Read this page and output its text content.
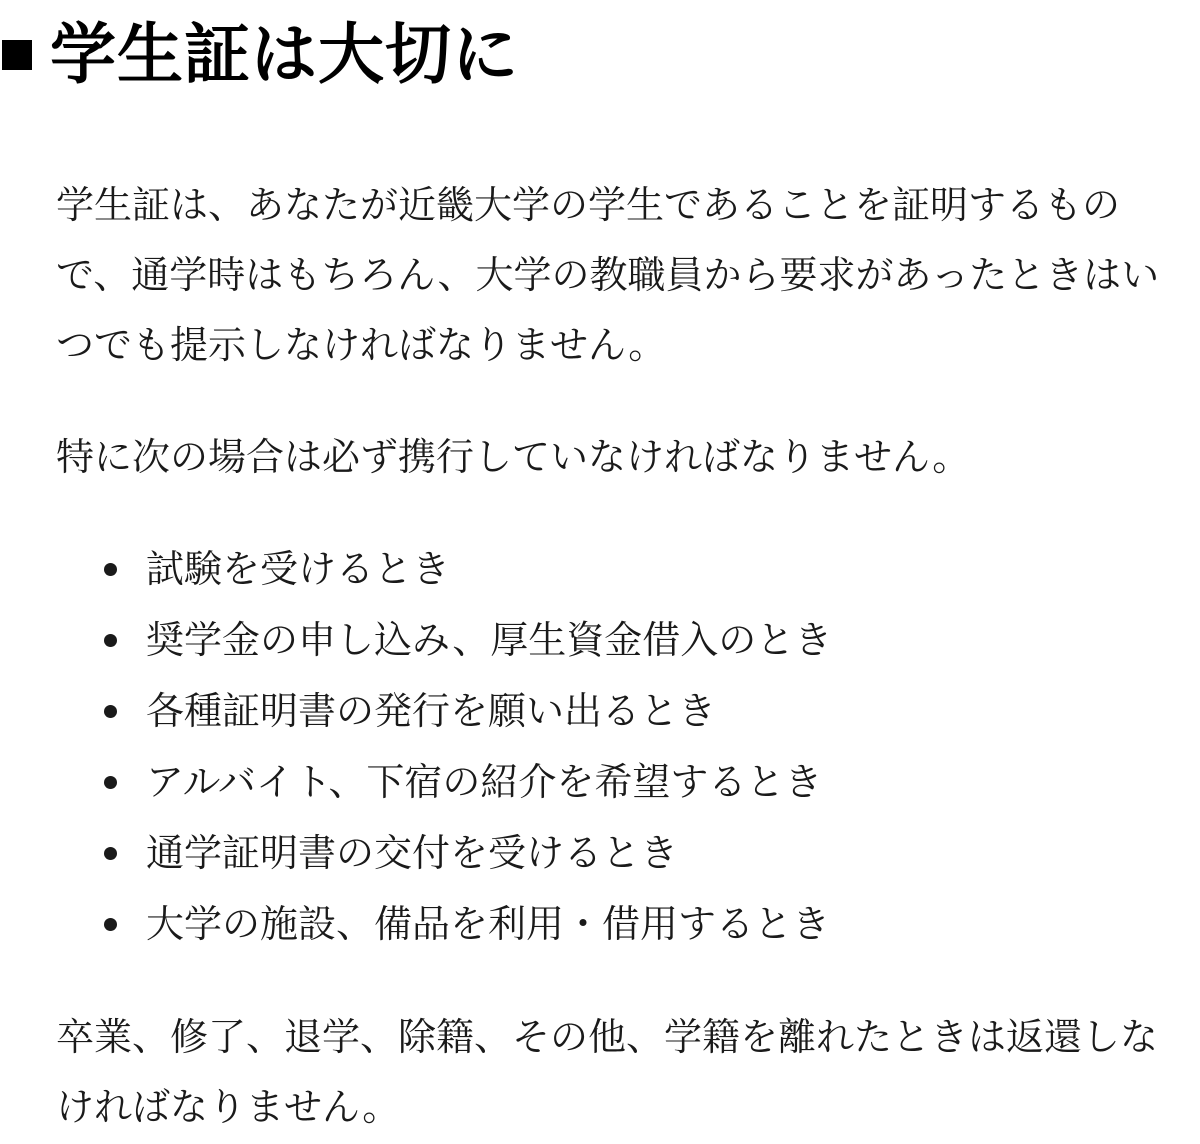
学生証は大切に

学生証は、あなたが近畿大学の学生であることを証明するもので、通学時はもちろん、大学の教職員から要求があったときはいつでも提示しなければなりません。

特に次の場合は必ず携行していなければなりません。

試験を受けるとき
奨学金の申し込み、厚生資金借入のとき
各種証明書の発行を願い出るとき
アルバイト、下宿の紹介を希望するとき
通学証明書の交付を受けるとき
大学の施設、備品を利用・借用するとき

卒業、修了、退学、除籍、その他、学籍を離れたときは返還しなければなりません。
